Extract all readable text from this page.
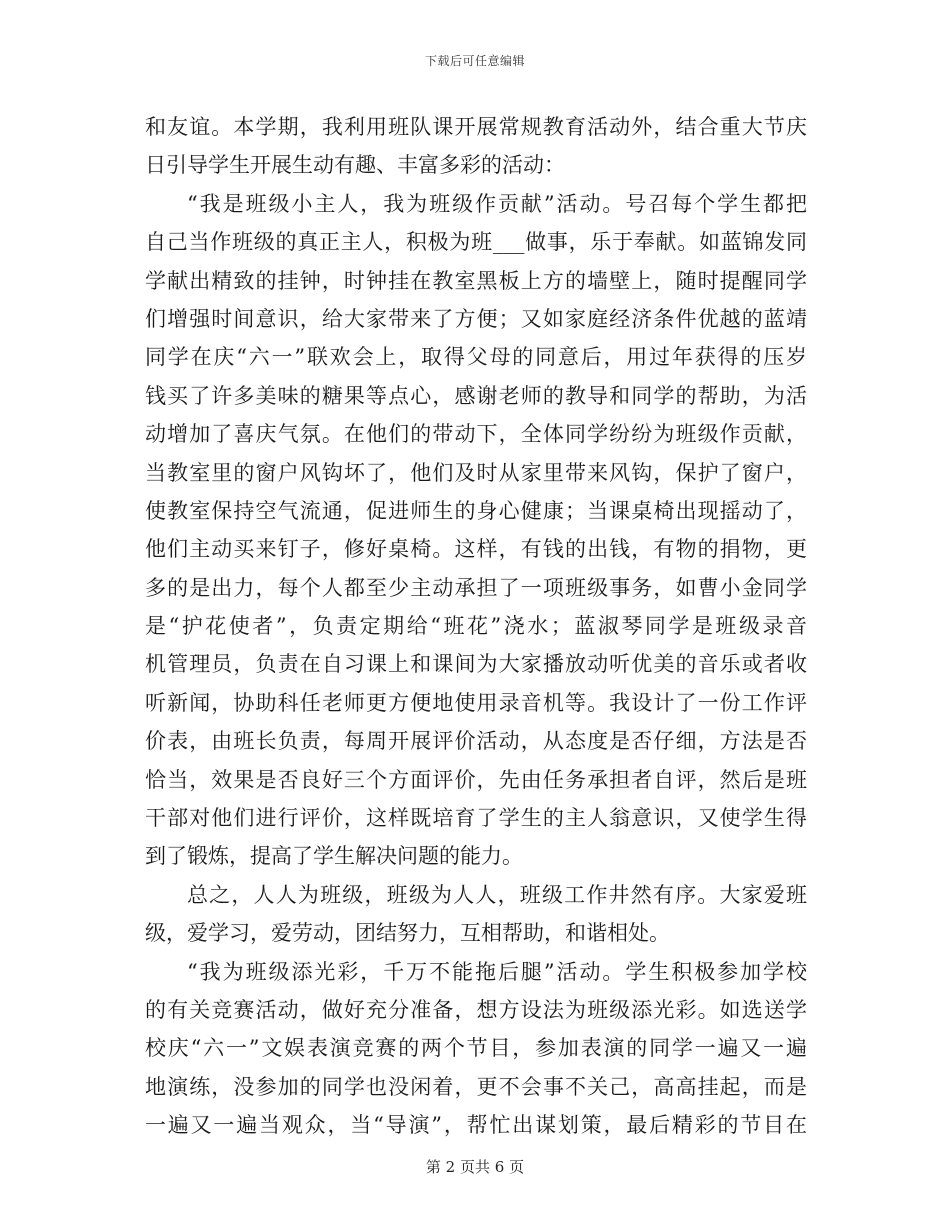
下载后可任意编辑
和友谊。本学期，我利用班队课开展常规教育活动外，结合重大节庆
日引导学生开展生动有趣、丰富多彩的活动：
“我是班级小主人，我为班级作贡献”活动。号召每个学生都把
自己当作班级的真正主人，积极为班___做事，乐于奉献。如蓝锦发同
学献出精致的挂钟，时钟挂在教室黑板上方的墙壁上，随时提醒同学
们增强时间意识，给大家带来了方便；又如家庭经济条件优越的蓝靖
同学在庆“六一”联欢会上，取得父母的同意后，用过年获得的压岁
钱买了许多美味的糖果等点心，感谢老师的教导和同学的帮助，为活
动增加了喜庆气氛。在他们的带动下，全体同学纷纷为班级作贡献，
当教室里的窗户风钩坏了，他们及时从家里带来风钩，保护了窗户，
使教室保持空气流通，促进师生的身心健康；当课桌椅出现摇动了，
他们主动买来钉子，修好桌椅。这样，有钱的出钱，有物的捐物，更
多的是出力，每个人都至少主动承担了一项班级事务，如曹小金同学
是“护花使者”，负责定期给“班花”浇水；蓝淑琴同学是班级录音
机管理员，负责在自习课上和课间为大家播放动听优美的音乐或者收
听新闻，协助科任老师更方便地使用录音机等。我设计了一份工作评
价表，由班长负责，每周开展评价活动，从态度是否仔细，方法是否
恰当，效果是否良好三个方面评价，先由任务承担者自评，然后是班
干部对他们进行评价，这样既培育了学生的主人翁意识，又使学生得
到了锻炼，提高了学生解决问题的能力。
总之，人人为班级，班级为人人，班级工作井然有序。大家爱班
级，爱学习，爱劳动，团结努力，互相帮助，和谐相处。
“我为班级添光彩，千万不能拖后腿”活动。学生积极参加学校
的有关竞赛活动，做好充分准备，想方设法为班级添光彩。如选送学
校庆“六一”文娱表演竞赛的两个节目，参加表演的同学一遍又一遍
地演练，没参加的同学也没闲着，更不会事不关己，高高挂起，而是
一遍又一遍当观众，当“导演”，帮忙出谋划策，最后精彩的节目在
第 2 页共 6 页
